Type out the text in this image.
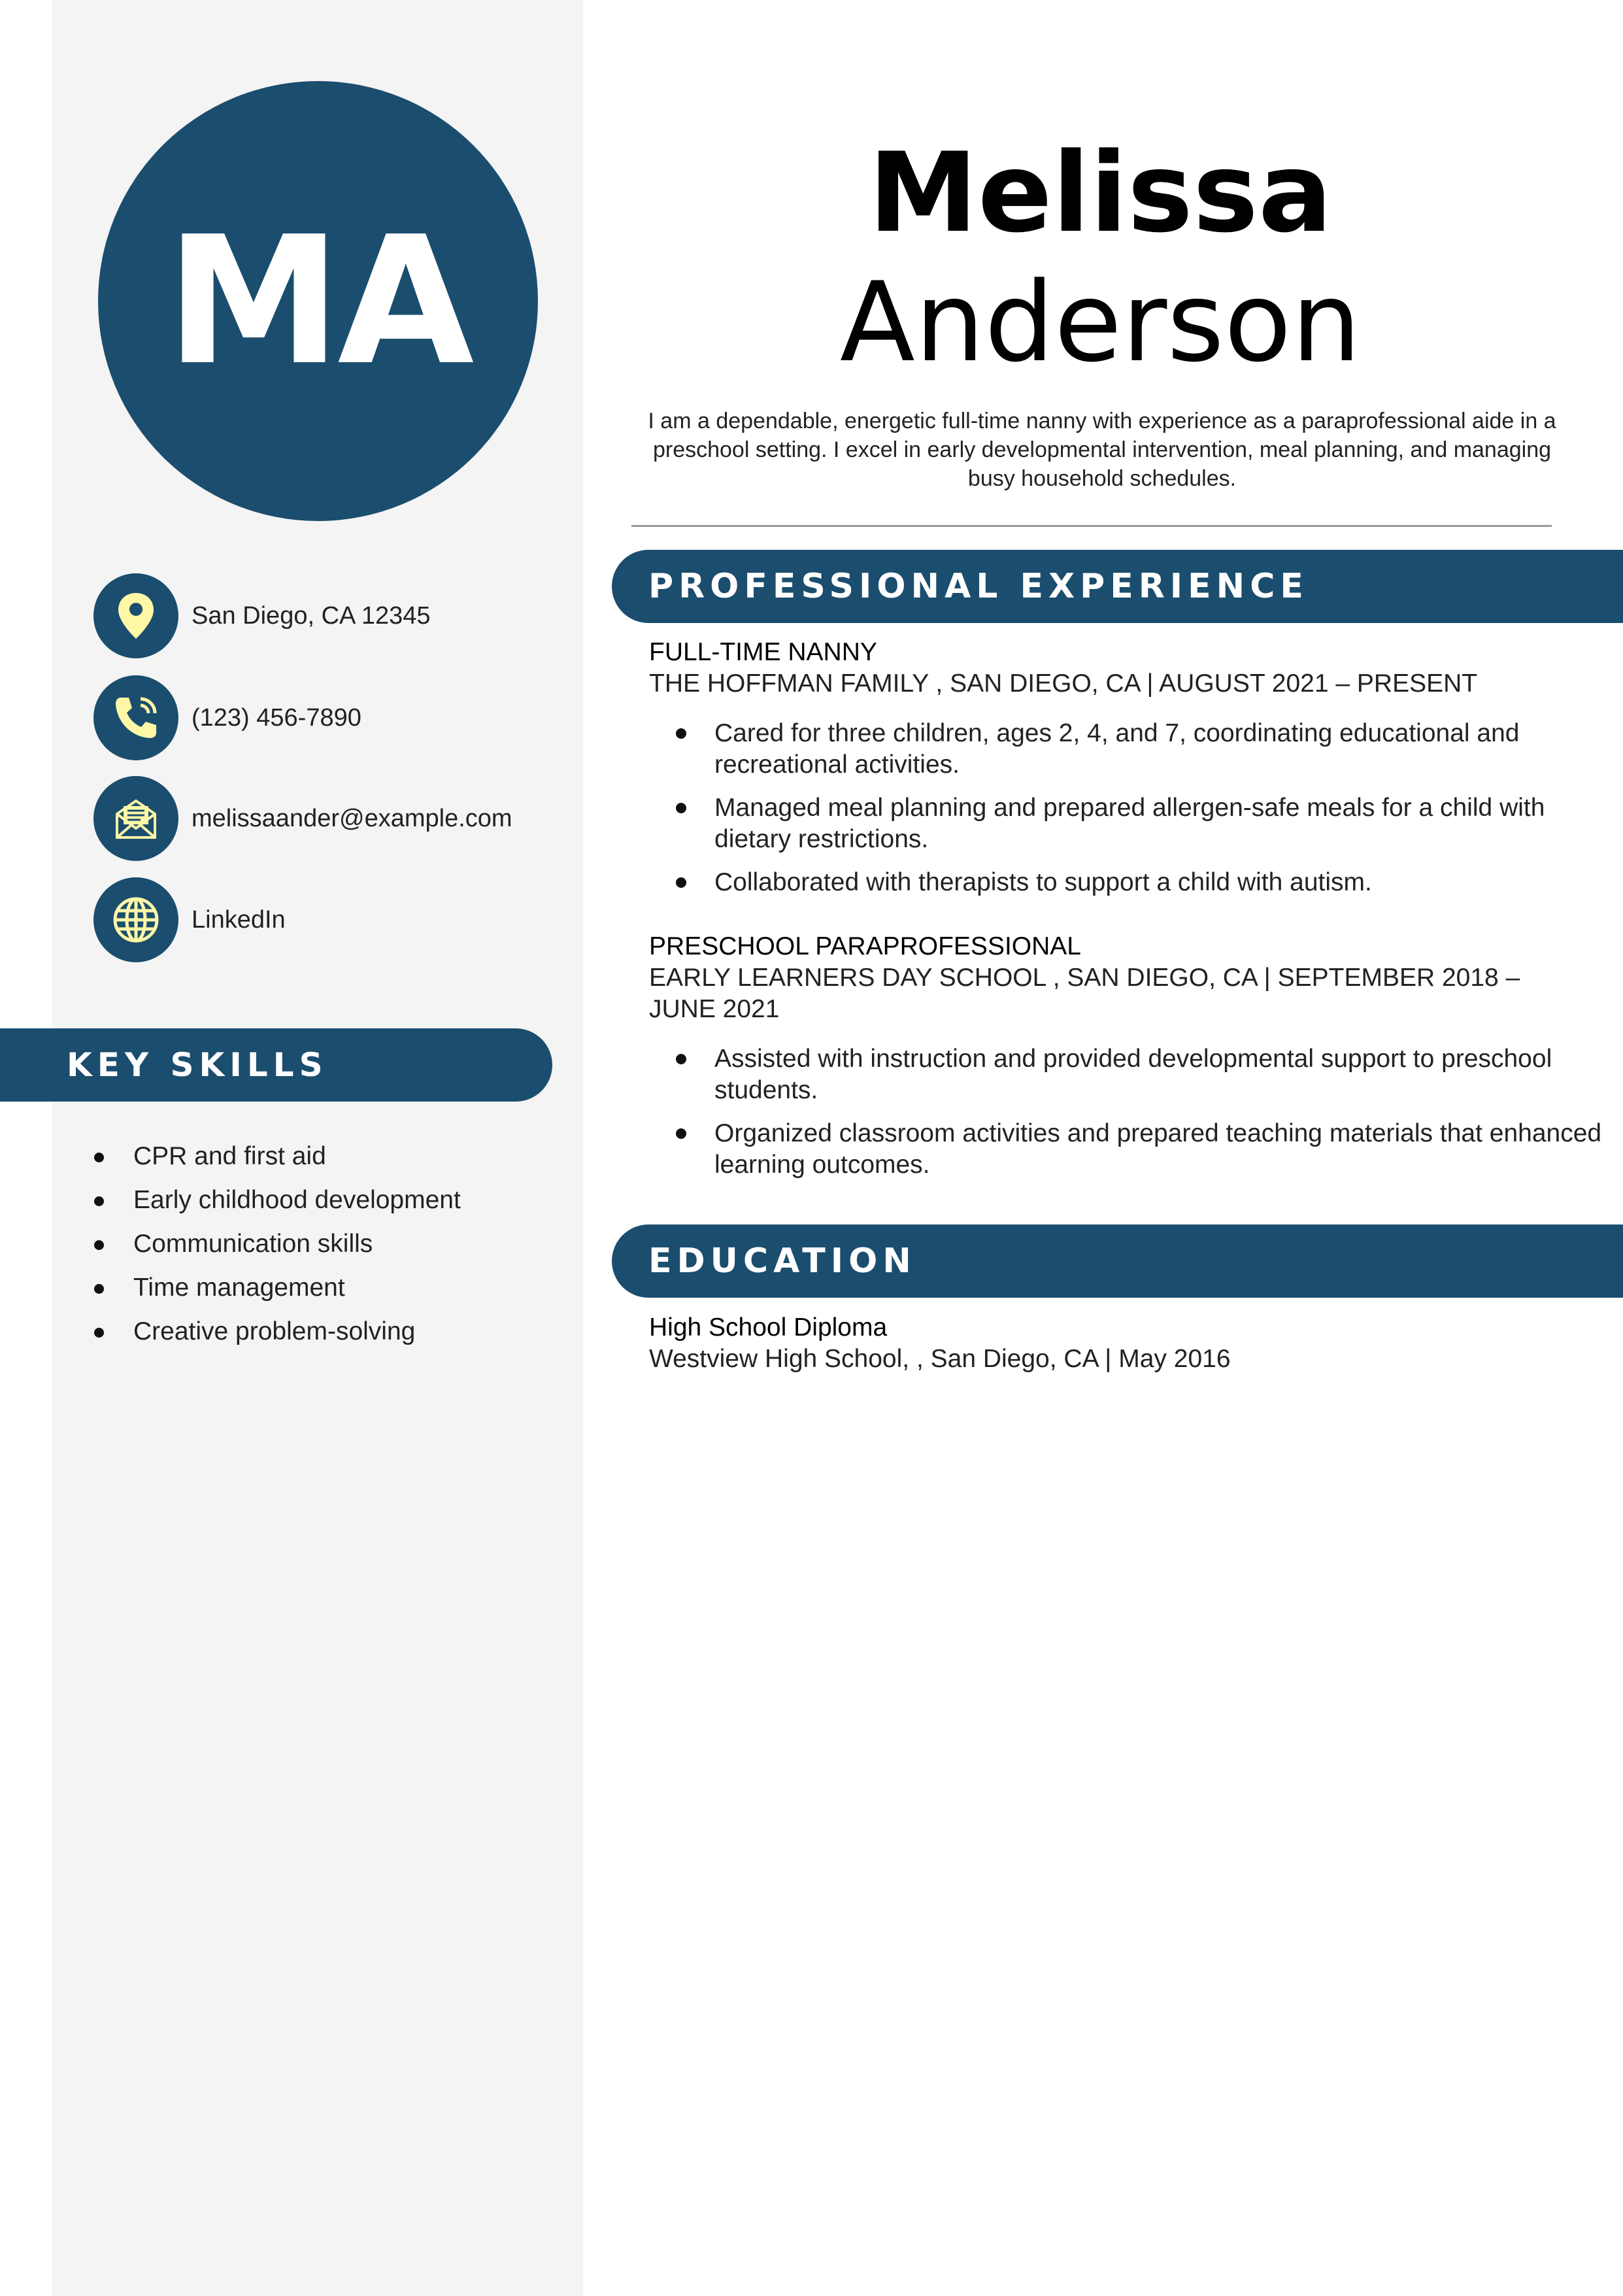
MA
San Diego, CA 12345
(123) 456-7890
melissaander@example.com
LinkedIn
KEY SKILLS
CPR and first aid
Early childhood development
Communication skills
Time management
Creative problem-solving
Melissa
Anderson

I am a dependable, energetic full-time nanny with experience as a paraprofessional aide in a preschool setting. I excel in early developmental intervention, meal planning, and managing busy household schedules.

PROFESSIONAL EXPERIENCE

FULL-TIME NANNY

THE HOFFMAN FAMILY , SAN DIEGO, CA | AUGUST 2021 – PRESENT

Cared for three children, ages 2, 4, and 7, coordinating educational and recreational activities.
Managed meal planning and prepared allergen-safe meals for a child with dietary restrictions.
Collaborated with therapists to support a child with autism.

PRESCHOOL PARAPROFESSIONAL

EARLY LEARNERS DAY SCHOOL , SAN DIEGO, CA | SEPTEMBER 2018 – JUNE 2021

Assisted with instruction and provided developmental support to preschool students.
Organized classroom activities and prepared teaching materials that enhanced learning outcomes.
EDUCATION

High School Diploma

Westview High School, , San Diego, CA | May 2016
